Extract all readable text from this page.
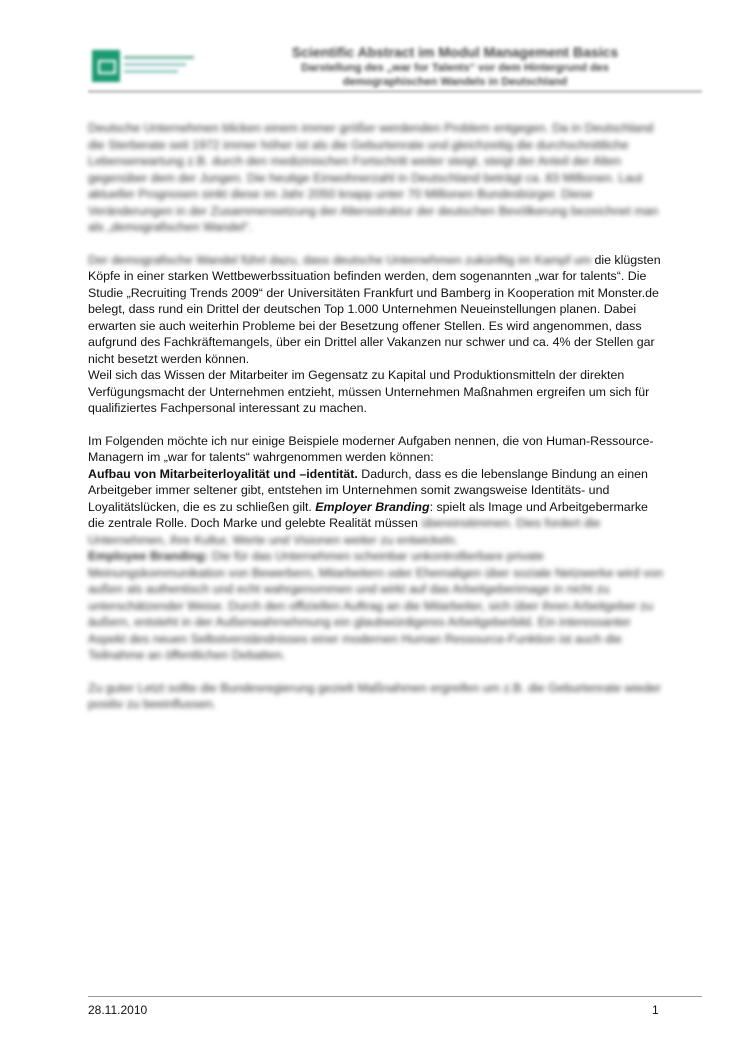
Scientific Abstract im Modul Management Basics
Darstellung des „war for Talents“ vor dem Hintergrund des
demographischen Wandels in Deutschland

Deutsche Unternehmen blicken einem immer größer werdenden Problem entgegen. Da in Deutschland die Sterberate seit 1972 immer höher ist als die Geburtenrate und gleichzeitig die durchschnittliche Lebenserwartung z.B. durch den medizinischen Fortschritt weiter steigt, steigt der Anteil der Alten gegenüber dem der Jungen. Die heutige Einwohnerzahl in Deutschland beträgt ca. 83 Millionen. Laut aktueller Prognosen sinkt diese im Jahr 2050 knapp unter 70 Millionen Bundesbürger. Diese Veränderungen in der Zusammensetzung der Altersstruktur der deutschen Bevölkerung bezeichnet man als „demografischen Wandel“.

Der demografische Wandel führt dazu, dass deutsche Unternehmen zukünftig im Kampf um die klügsten Köpfe in einer starken Wettbewerbssituation befinden werden, dem sogenannten „war for talents“. Die Studie „Recruiting Trends 2009“ der Universitäten Frankfurt und Bamberg in Kooperation mit Monster.de belegt, dass rund ein Drittel der deutschen Top 1.000 Unternehmen Neueinstellungen planen. Dabei erwarten sie auch weiterhin Probleme bei der Besetzung offener Stellen. Es wird angenommen, dass aufgrund des Fachkräftemangels, über ein Drittel aller Vakanzen nur schwer und ca. 4% der Stellen gar nicht besetzt werden können.

Weil sich das Wissen der Mitarbeiter im Gegensatz zu Kapital und Produktionsmitteln der direkten Verfügungsmacht der Unternehmen entzieht, müssen Unternehmen Maßnahmen ergreifen um sich für qualifiziertes Fachpersonal interessant zu machen.

Im Folgenden möchte ich nur einige Beispiele moderner Aufgaben nennen, die von Human-Ressource-Managern im „war for talents“ wahrgenommen werden können:

Aufbau von Mitarbeiterloyalität und –identität. Dadurch, dass es die lebenslange Bindung an einen Arbeitgeber immer seltener gibt, entstehen im Unternehmen somit zwangsweise Identitäts- und Loyalitätslücken, die es zu schließen gilt. Employer Branding: spielt als Image und Arbeitgebermarke die zentrale Rolle. Doch Marke und gelebte Realität müssen übereinstimmen. Dies fordert die Unternehmen, ihre Kultur, Werte und Visionen weiter zu entwickeln.

Employee Branding: Die für das Unternehmen scheinbar unkontrollierbare private Meinungskommunikation von Bewerbern, Mitarbeitern oder Ehemaligen über soziale Netzwerke wird von außen als authentisch und echt wahrgenommen und wirkt auf das Arbeitgeberimage in nicht zu unterschätzender Weise. Durch den offiziellen Auftrag an die Mitarbeiter, sich über ihren Arbeitgeber zu äußern, entsteht in der Außenwahrnehmung ein glaubwürdigeres Arbeitgeberbild. Ein interessanter Aspekt des neuen Selbstverständnisses einer modernen Human Ressource-Funktion ist auch die Teilnahme an öffentlichen Debatten.

Zu guter Letzt sollte die Bundesregierung gezielt Maßnahmen ergreifen um z.B. die Geburtenrate wieder positiv zu beeinflussen.

28.11.2010	1
